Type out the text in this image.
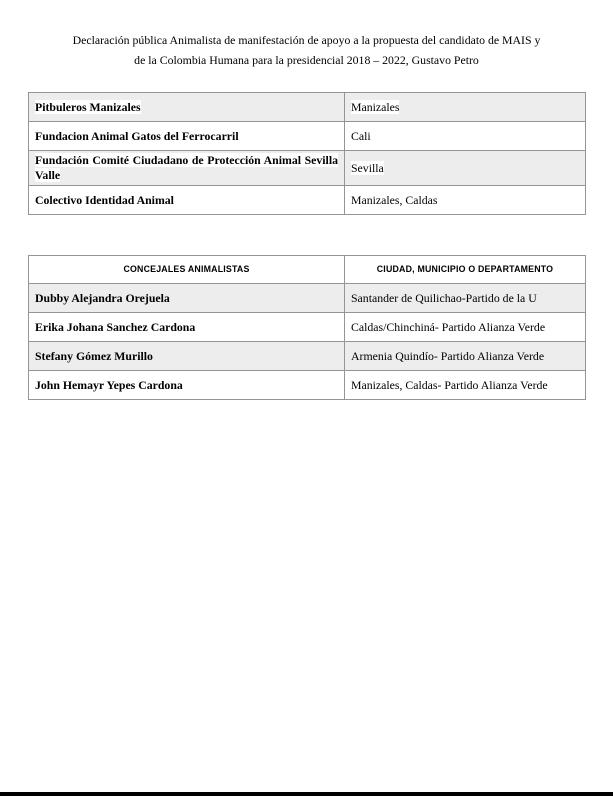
Declaración pública Animalista de manifestación de apoyo a la propuesta del candidato de MAIS y
de la Colombia Humana para la presidencial 2018 – 2022, Gustavo Petro
Pitbuleros Manizales	Manizales
Fundacion Animal Gatos del Ferrocarril	Cali
Fundación Comité Ciudadano de Protección Animal Sevilla Valle	Sevilla
Colectivo Identidad Animal	Manizales, Caldas
CONCEJALES ANIMALISTAS	CIUDAD, MUNICIPIO O DEPARTAMENTO
Dubby Alejandra Orejuela	Santander de Quilichao-Partido de la U
Erika Johana Sanchez Cardona	Caldas/Chinchiná- Partido Alianza Verde
Stefany Gómez Murillo	Armenia Quindío- Partido Alianza Verde
John Hemayr Yepes Cardona	Manizales, Caldas- Partido Alianza Verde
